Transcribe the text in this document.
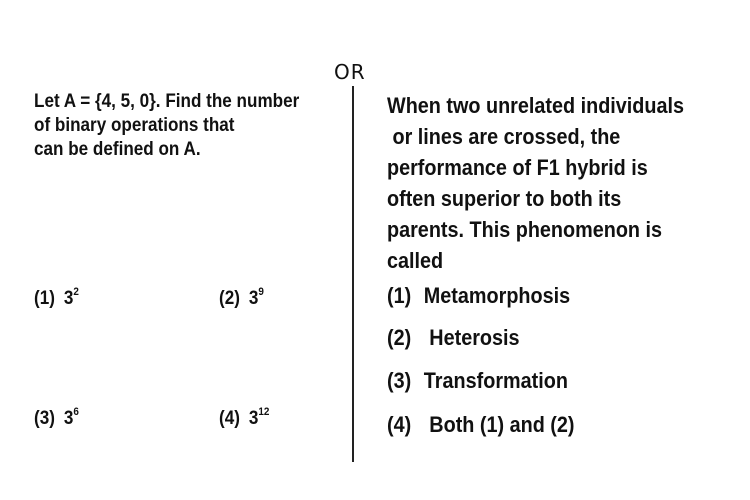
OR
Let A = {4, 5, 0}. Find the number
of binary operations that
can be defined on A.
(1) $3^2$	(2) $3^9$
(3) $3^6$	(4) $3^{12}$
When two unrelated individuals
or lines are crossed, the
performance of F1 hybrid is
often superior to both its
parents. This phenomenon is
called
(1) Metamorphosis
(2) Heterosis
(3) Transformation
(4) Both (1) and (2)
